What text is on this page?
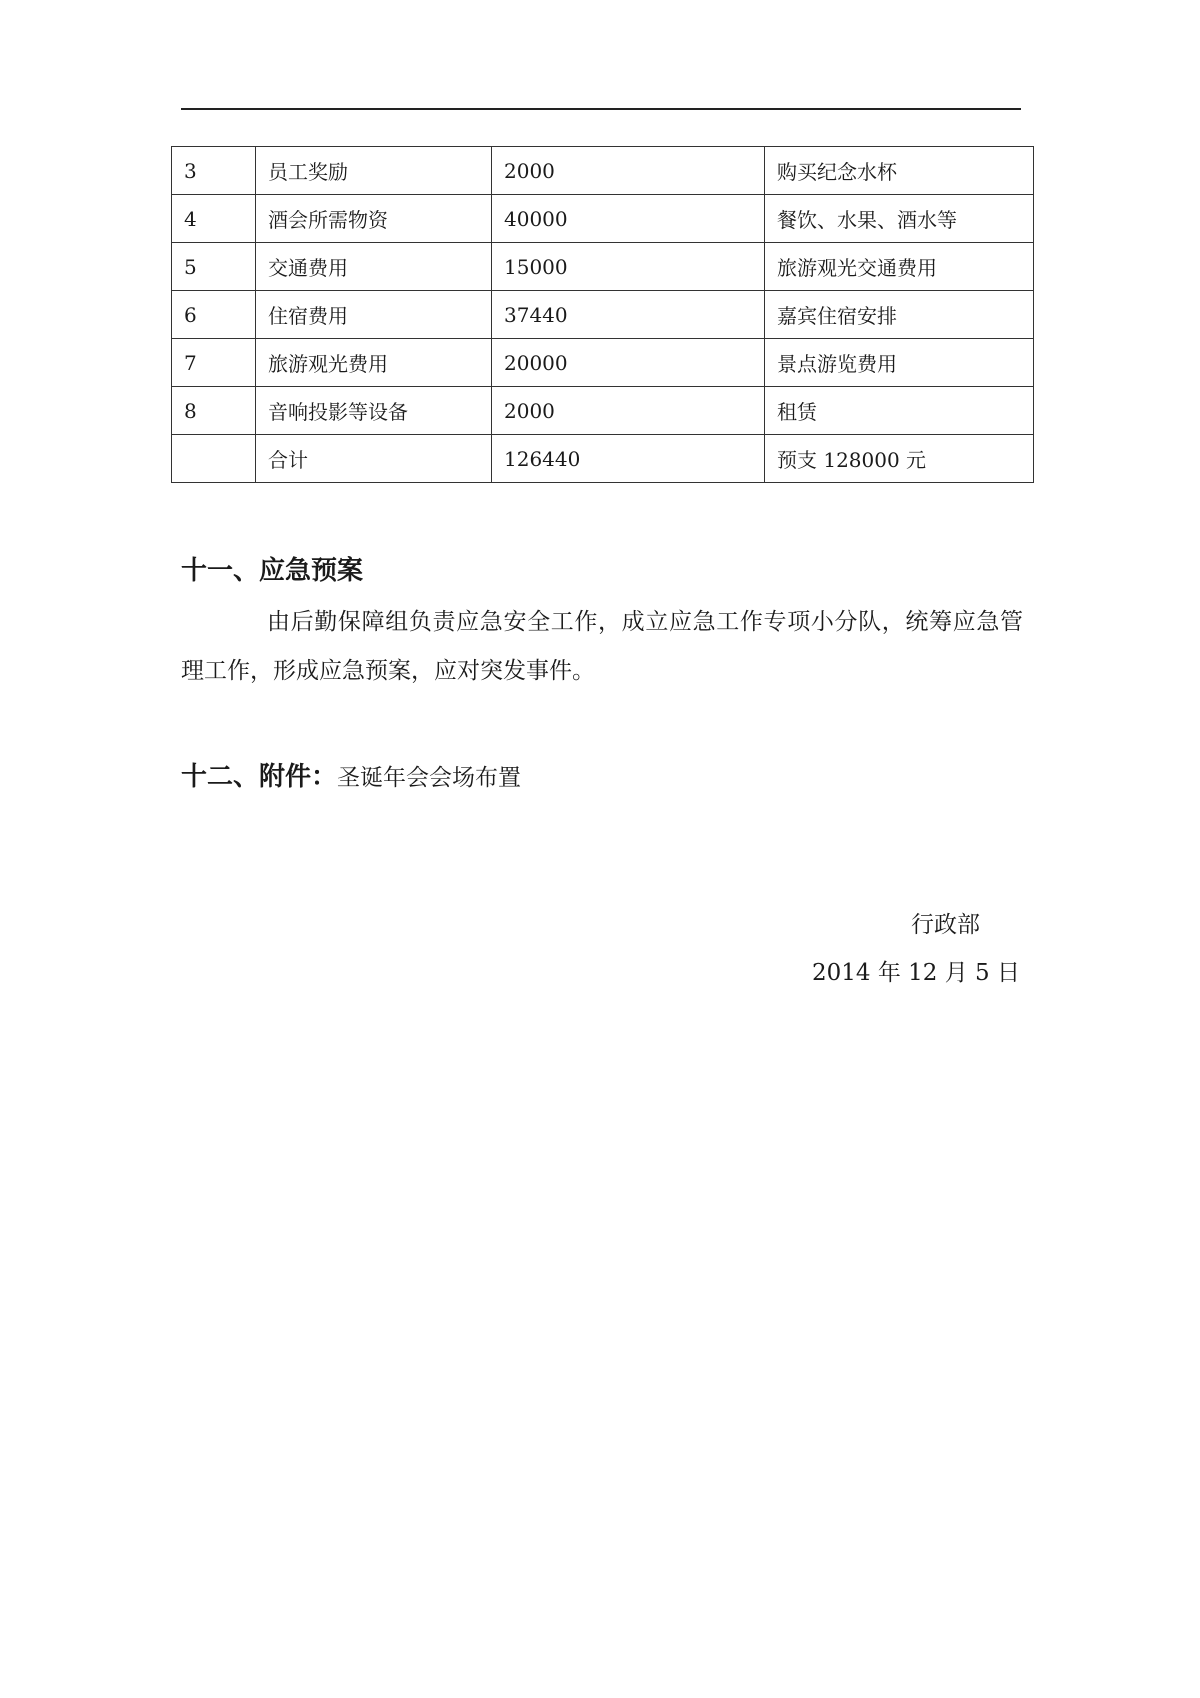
3	员工奖励	2000	购买纪念水杯
4	酒会所需物资	40000	餐饮、水果、酒水等
5	交通费用	15000	旅游观光交通费用
6	住宿费用	37440	嘉宾住宿安排
7	旅游观光费用	20000	景点游览费用
8	音响投影等设备	2000	租赁
	合计	126440	预支 128000 元
十一、应急预案
由后勤保障组负责应急安全工作，成立应急工作专项小分队，统筹应急管理工作，形成应急预案，应对突发事件。
十二、附件：圣诞年会会场布置
行政部
2014 年 12 月 5 日
